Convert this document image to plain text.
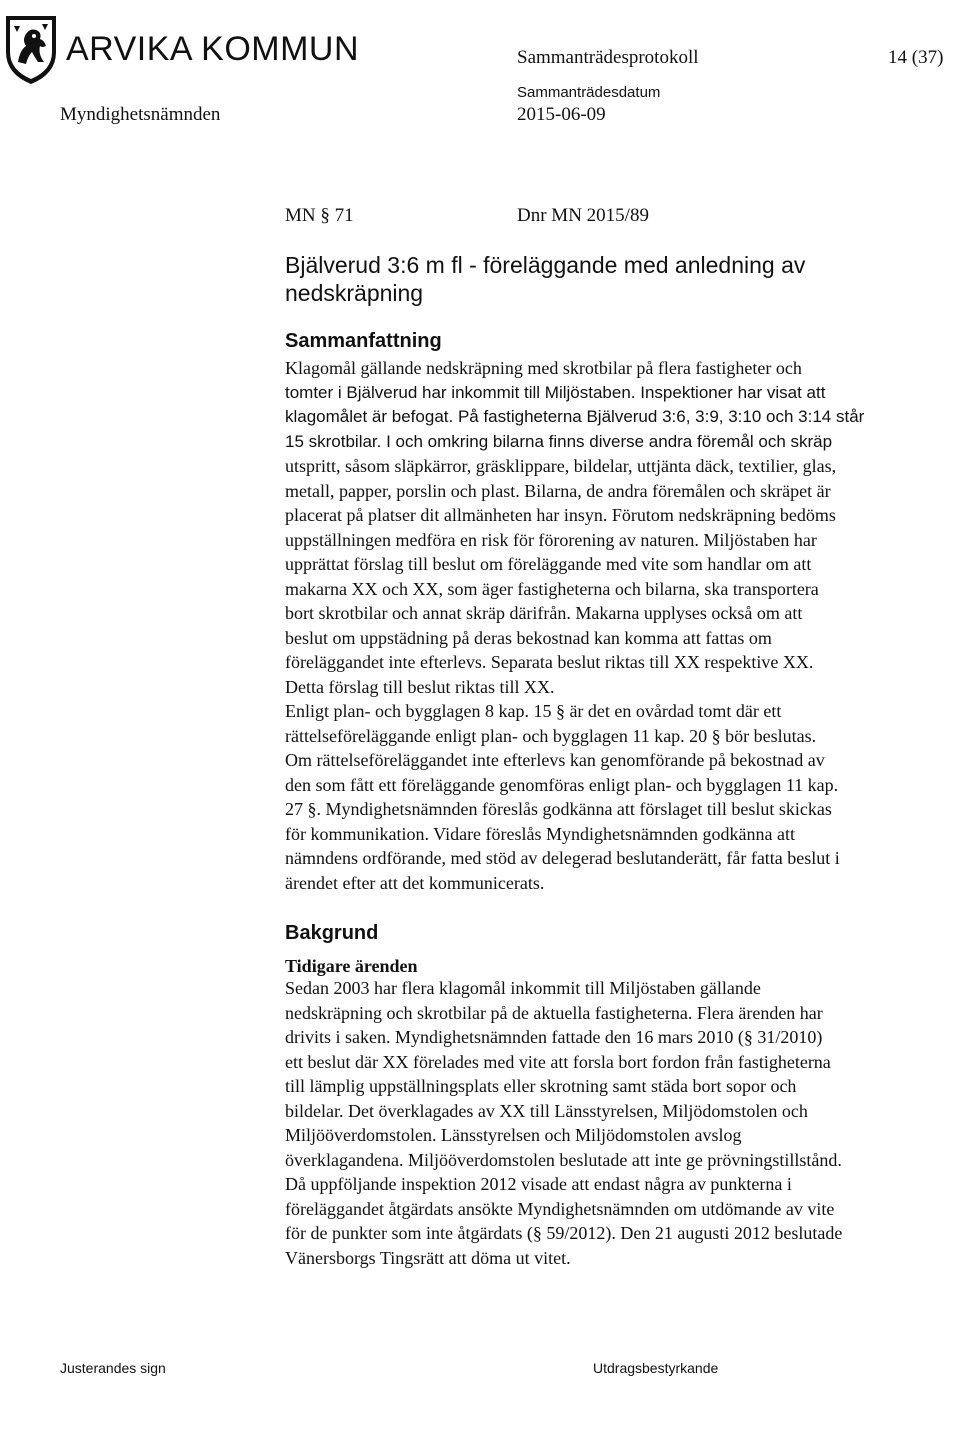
ARVIKA KOMMUN	Sammanträdesprotokoll	14 (37)
Myndighetsnämnden
Sammanträdesdatum
2015-06-09
MN § 71	Dnr MN 2015/89
Bjälverud 3:6 m fl - föreläggande med anledning av
nedskräpning
Sammanfattning
Klagomål gällande nedskräpning med skrotbilar på flera fastigheter och
tomter i Bjälverud har inkommit till Miljöstaben. Inspektioner har visat att
klagomålet är befogat. På fastigheterna Bjälverud 3:6, 3:9, 3:10 och 3:14 står
15 skrotbilar. I och omkring bilarna finns diverse andra föremål och skräp
utspritt, såsom släpkärror, gräsklippare, bildelar, uttjänta däck, textilier, glas,
metall, papper, porslin och plast. Bilarna, de andra föremålen och skräpet är
placerat på platser dit allmänheten har insyn. Förutom nedskräpning bedöms
uppställningen medföra en risk för förorening av naturen. Miljöstaben har
upprättat förslag till beslut om föreläggande med vite som handlar om att
makarna XX och XX, som äger fastigheterna och bilarna, ska transportera
bort skrotbilar och annat skräp därifrån. Makarna upplyses också om att
beslut om uppstädning på deras bekostnad kan komma att fattas om
föreläggandet inte efterlevs. Separata beslut riktas till XX respektive XX.
Detta förslag till beslut riktas till XX.
Enligt plan- och bygglagen 8 kap. 15 § är det en ovårdad tomt där ett
rättelseföreläggande enligt plan- och bygglagen 11 kap. 20 § bör beslutas.
Om rättelseföreläggandet inte efterlevs kan genomförande på bekostnad av
den som fått ett föreläggande genomföras enligt plan- och bygglagen 11 kap.
27 §. Myndighetsnämnden föreslås godkänna att förslaget till beslut skickas
för kommunikation. Vidare föreslås Myndighetsnämnden godkänna att
nämndens ordförande, med stöd av delegerad beslutanderätt, får fatta beslut i
ärendet efter att det kommunicerats.
Bakgrund
Tidigare ärenden
Sedan 2003 har flera klagomål inkommit till Miljöstaben gällande
nedskräpning och skrotbilar på de aktuella fastigheterna. Flera ärenden har
drivits i saken. Myndighetsnämnden fattade den 16 mars 2010 (§ 31/2010)
ett beslut där XX förelades med vite att forsla bort fordon från fastigheterna
till lämplig uppställningsplats eller skrotning samt städa bort sopor och
bildelar. Det överklagades av XX till Länsstyrelsen, Miljödomstolen och
Miljööverdomstolen. Länsstyrelsen och Miljödomstolen avslog
överklagandena. Miljööverdomstolen beslutade att inte ge prövningstillstånd.
Då uppföljande inspektion 2012 visade att endast några av punkterna i
föreläggandet åtgärdats ansökte Myndighetsnämnden om utdömande av vite
för de punkter som inte åtgärdats (§ 59/2012). Den 21 augusti 2012 beslutade
Vänersborgs Tingsrätt att döma ut vitet.
Justerandes sign	Utdragsbestyrkande
